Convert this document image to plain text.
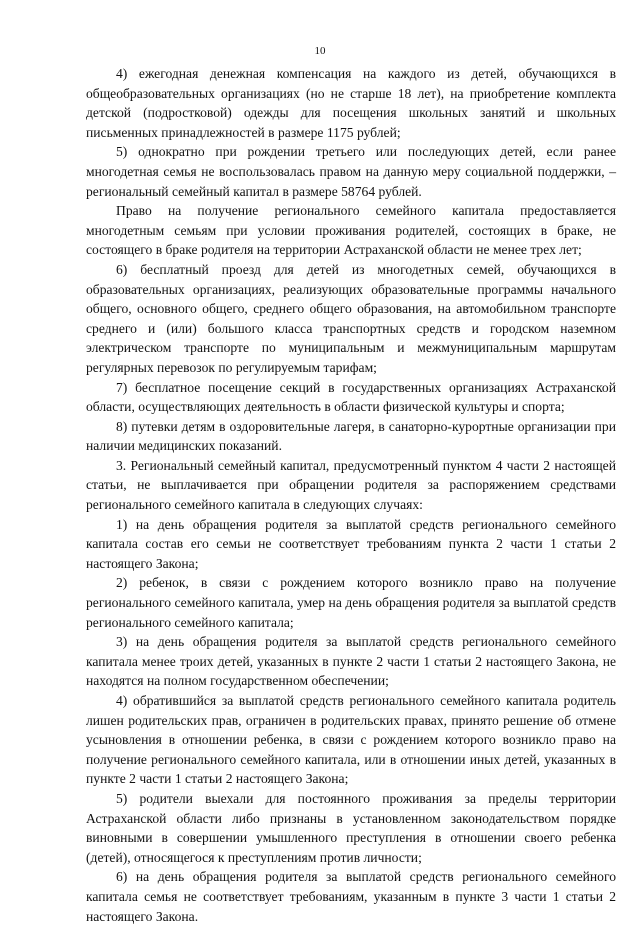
10

4) ежегодная денежная компенсация на каждого из детей, обучающихся в общеобразовательных организациях (но не старше 18 лет), на приобретение комплекта детской (подростковой) одежды для посещения школьных занятий и школьных письменных принадлежностей в размере 1175 рублей;

5) однократно при рождении третьего или последующих детей, если ранее многодетная семья не воспользовалась правом на данную меру социальной поддержки, – региональный семейный капитал в размере 58764 рублей.

Право на получение регионального семейного капитала предоставляется многодетным семьям при условии проживания родителей, состоящих в браке, не состоящего в браке родителя на территории Астраханской области не менее трех лет;

6) бесплатный проезд для детей из многодетных семей, обучающихся в образовательных организациях, реализующих образовательные программы начального общего, основного общего, среднего общего образования, на автомобильном транспорте среднего и (или) большого класса транспортных средств и городском наземном электрическом транспорте по муниципальным и межмуниципальным маршрутам регулярных перевозок по регулируемым тарифам;

7) бесплатное посещение секций в государственных организациях Астраханской области, осуществляющих деятельность в области физической культуры и спорта;

8) путевки детям в оздоровительные лагеря, в санаторно-курортные организации при наличии медицинских показаний.

3. Региональный семейный капитал, предусмотренный пунктом 4 части 2 настоящей статьи, не выплачивается при обращении родителя за распоряжением средствами регионального семейного капитала в следующих случаях:

1) на день обращения родителя за выплатой средств регионального семейного капитала состав его семьи не соответствует требованиям пункта 2 части 1 статьи 2 настоящего Закона;

2) ребенок, в связи с рождением которого возникло право на получение регионального семейного капитала, умер на день обращения родителя за выплатой средств регионального семейного капитала;

3) на день обращения родителя за выплатой средств регионального семейного капитала менее троих детей, указанных в пункте 2 части 1 статьи 2 настоящего Закона, не находятся на полном государственном обеспечении;

4) обратившийся за выплатой средств регионального семейного капитала родитель лишен родительских прав, ограничен в родительских правах, принято решение об отмене усыновления в отношении ребенка, в связи с рождением которого возникло право на получение регионального семейного капитала, или в отношении иных детей, указанных в пункте 2 части 1 статьи 2 настоящего Закона;

5) родители выехали для постоянного проживания за пределы территории Астраханской области либо признаны в установленном законодательством порядке виновными в совершении умышленного преступления в отношении своего ребенка (детей), относящегося к преступлениям против личности;

6) на день обращения родителя за выплатой средств регионального семейного капитала семья не соответствует требованиям, указанным в пункте 3 части 1 статьи 2 настоящего Закона.
